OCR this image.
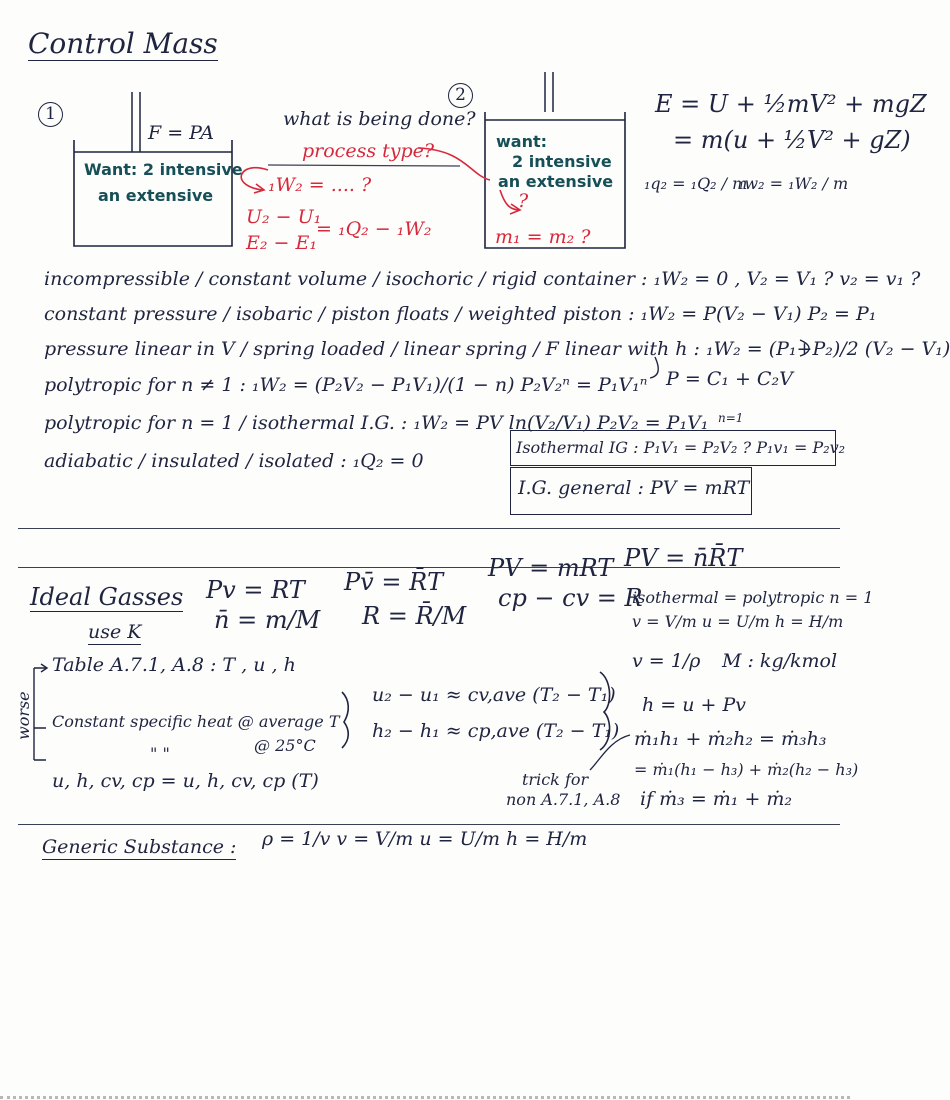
Control Mass
1
F = PA
Want: 2 intensive
an extensive
what is being done?
process type?
₁W₂ = .... ?
U₂ − U₁
= ₁Q₂ − ₁W₂
E₂ − E₁
2
want:
2 intensive
an extensive
?
m₁ = m₂ ?
E = U + ½mV² + mgZ
= m(u + ½V² + gZ)
₁q₂ = ₁Q₂ / m
₁w₂ = ₁W₂ / m
incompressible / constant volume / isochoric / rigid container : ₁W₂ = 0 , V₂ = V₁ ? v₂ = v₁ ?
constant pressure / isobaric / piston floats / weighted piston : ₁W₂ = P(V₂ − V₁) P₂ = P₁
pressure linear in V / spring loaded / linear spring / F linear with h : ₁W₂ = (P₁+P₂)/2 (V₂ − V₁)
P = C₁ + C₂V
polytropic for n ≠ 1 : ₁W₂ = (P₂V₂ − P₁V₁)/(1 − n) P₂V₂ⁿ = P₁V₁ⁿ
polytropic for n = 1 / isothermal I.G. : ₁W₂ = PV ln(V₂/V₁) P₂V₂ = P₁V₁ n=1
adiabatic / insulated / isolated : ₁Q₂ = 0
Isothermal IG : P₁V₁ = P₂V₂ ? P₁v₁ = P₂v₂
I.G. general : PV = mRT
Ideal Gasses
use K
Pv = RT Pv̄ = R̄T PV = mRT PV = n̄R̄T
n̄ = m/M R = R̄/M
cp − cv = R
worse
Table A.7.1, A.8 : T , u , h
Constant specific heat @ average T
@ 25°C
" "
u, h, cv, cp = u, h, cv, cp (T)
u₂ − u₁ ≈ cv,ave (T₂ − T₁)
h₂ − h₁ ≈ cp,ave (T₂ − T₁)
trick for
non A.7.1, A.8
isothermal = polytropic n = 1
v = V/m u = U/m h = H/m
v = 1/ρ M : kg/kmol
h = u + Pv
ṁ₁h₁ + ṁ₂h₂ = ṁ₃h₃
= ṁ₁(h₁ − h₃) + ṁ₂(h₂ − h₃)
if ṁ₃ = ṁ₁ + ṁ₂
Generic Substance : ρ = 1/v v = V/m u = U/m h = H/m
